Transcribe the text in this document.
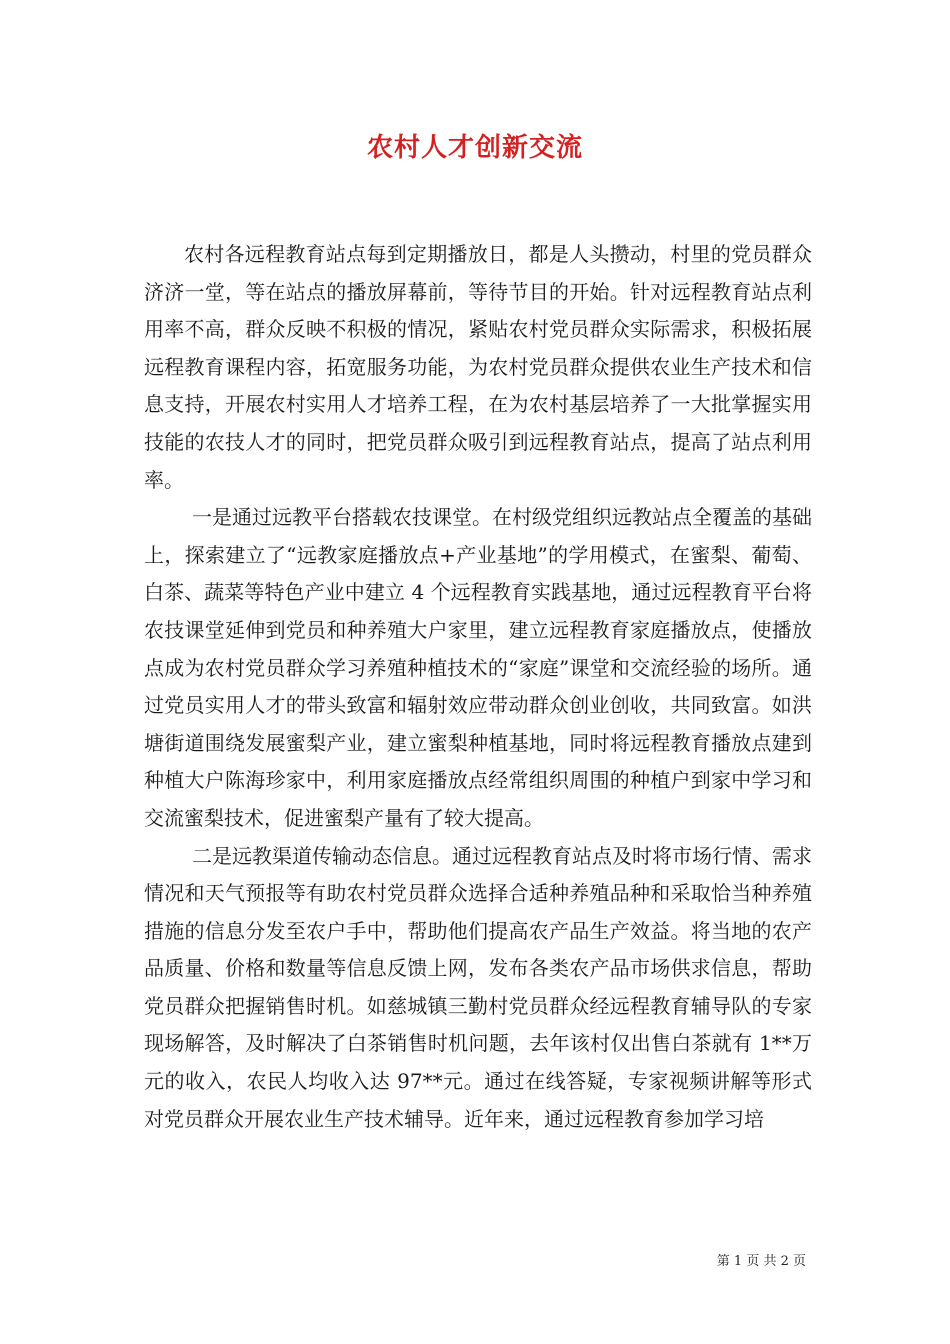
农村人才创新交流

农村各远程教育站点每到定期播放日，都是人头攒动，村里的党员群众济济一堂，等在站点的播放屏幕前，等待节目的开始。针对远程教育站点利用率不高，群众反映不积极的情况，紧贴农村党员群众实际需求，积极拓展远程教育课程内容，拓宽服务功能，为农村党员群众提供农业生产技术和信息支持，开展农村实用人才培养工程，在为农村基层培养了一大批掌握实用技能的农技人才的同时，把党员群众吸引到远程教育站点，提高了站点利用率。

一是通过远教平台搭载农技课堂。在村级党组织远教站点全覆盖的基础上，探索建立了“远教家庭播放点+产业基地”的学用模式，在蜜梨、葡萄、白茶、蔬菜等特色产业中建立 4 个远程教育实践基地，通过远程教育平台将农技课堂延伸到党员和种养殖大户家里，建立远程教育家庭播放点，使播放点成为农村党员群众学习养殖种植技术的“家庭”课堂和交流经验的场所。通过党员实用人才的带头致富和辐射效应带动群众创业创收，共同致富。如洪塘街道围绕发展蜜梨产业，建立蜜梨种植基地，同时将远程教育播放点建到种植大户陈海珍家中，利用家庭播放点经常组织周围的种植户到家中学习和交流蜜梨技术，促进蜜梨产量有了较大提高。

二是远教渠道传输动态信息。通过远程教育站点及时将市场行情、需求情况和天气预报等有助农村党员群众选择合适种养殖品种和采取恰当种养殖措施的信息分发至农户手中，帮助他们提高农产品生产效益。将当地的农产品质量、价格和数量等信息反馈上网，发布各类农产品市场供求信息，帮助党员群众把握销售时机。如慈城镇三勤村党员群众经远程教育辅导队的专家现场解答，及时解决了白茶销售时机问题，去年该村仅出售白茶就有 1**万元的收入，农民人均收入达 97**元。通过在线答疑，专家视频讲解等形式对党员群众开展农业生产技术辅导。近年来，通过远程教育参加学习培

第 1 页 共 2 页
